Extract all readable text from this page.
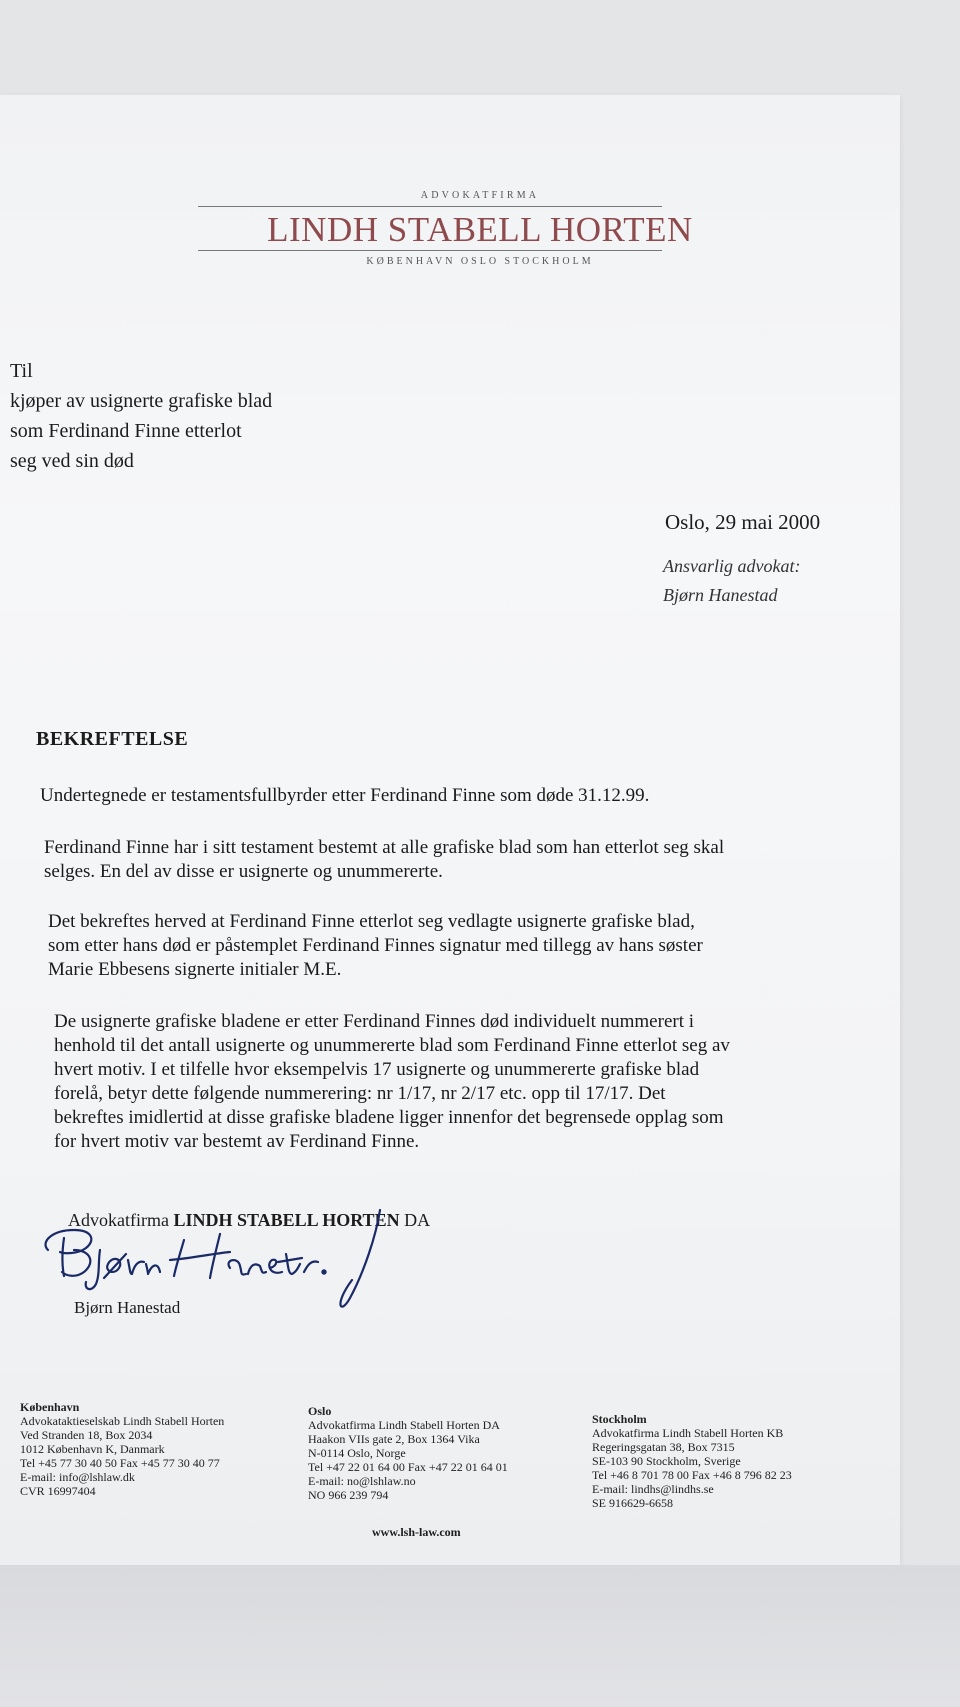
ADVOKATFIRMA
LINDH STABELL HORTEN
KØBENHAVN OSLO STOCKHOLM
Til
kjøper av usignerte grafiske blad
som Ferdinand Finne etterlot
seg ved sin død
Oslo, 29 mai 2000
Ansvarlig advokat:
Bjørn Hanestad
BEKREFTELSE
Undertegnede er testamentsfullbyrder etter Ferdinand Finne som døde 31.12.99.
Ferdinand Finne har i sitt testament bestemt at alle grafiske blad som han etterlot seg skal
selges. En del av disse er usignerte og unummererte.
Det bekreftes herved at Ferdinand Finne etterlot seg vedlagte usignerte grafiske blad,
som etter hans død er påstemplet Ferdinand Finnes signatur med tillegg av hans søster
Marie Ebbesens signerte initialer M.E.
De usignerte grafiske bladene er etter Ferdinand Finnes død individuelt nummerert i
henhold til det antall usignerte og unummererte blad som Ferdinand Finne etterlot seg av
hvert motiv. I et tilfelle hvor eksempelvis 17 usignerte og unummererte grafiske blad
forelå, betyr dette følgende nummerering: nr 1/17, nr 2/17 etc. opp til 17/17. Det
bekreftes imidlertid at disse grafiske bladene ligger innenfor det begrensede opplag som
for hvert motiv var bestemt av Ferdinand Finne.
Advokatfirma LINDH STABELL HORTEN DA
Bjørn Hanestad
København
Advokataktieselskab Lindh Stabell Horten
Ved Stranden 18, Box 2034
1012 København K, Danmark
Tel +45 77 30 40 50 Fax +45 77 30 40 77
E-mail: info@lshlaw.dk
CVR 16997404
Oslo
Advokatfirma Lindh Stabell Horten DA
Haakon VIIs gate 2, Box 1364 Vika
N-0114 Oslo, Norge
Tel +47 22 01 64 00 Fax +47 22 01 64 01
E-mail: no@lshlaw.no
NO 966 239 794
Stockholm
Advokatfirma Lindh Stabell Horten KB
Regeringsgatan 38, Box 7315
SE-103 90 Stockholm, Sverige
Tel +46 8 701 78 00 Fax +46 8 796 82 23
E-mail: lindhs@lindhs.se
SE 916629-6658
www.lsh-law.com
